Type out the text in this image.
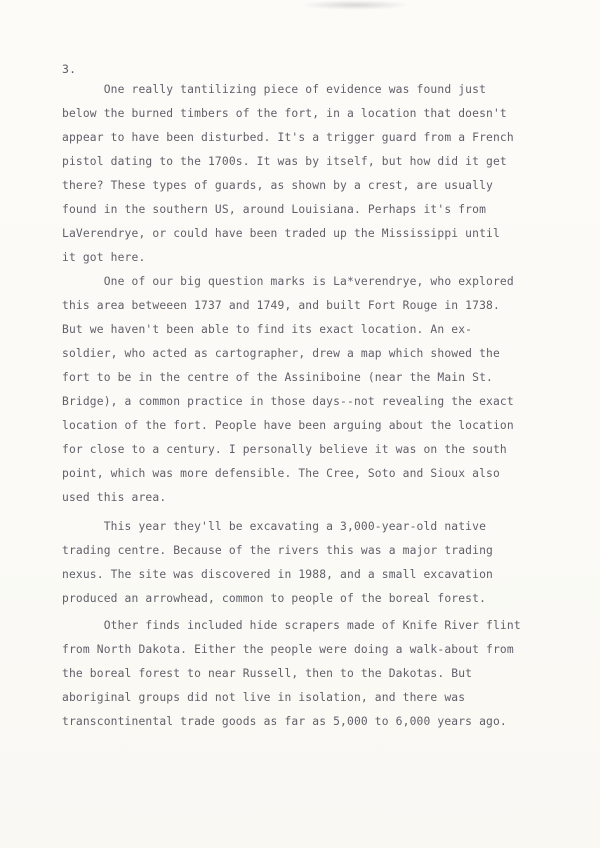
3.
One really tantilizing piece of evidence was found just
below the burned timbers of the fort, in a location that doesn't
appear to have been disturbed. It's a trigger guard from a French
pistol dating to the 1700s. It was by itself, but how did it get
there? These types of guards, as shown by a crest, are usually
found in the southern US, around Louisiana. Perhaps it's from
LaVerendrye, or could have been traded up the Mississippi until
it got here.
One of our big question marks is La*verendrye, who explored
this area betweeen 1737 and 1749, and built Fort Rouge in 1738.
But we haven't been able to find its exact location. An ex-
soldier, who acted as cartographer, drew a map which showed the
fort to be in the centre of the Assiniboine (near the Main St.
Bridge), a common practice in those days--not revealing the exact
location of the fort. People have been arguing about the location
for close to a century. I personally believe it was on the south
point, which was more defensible. The Cree, Soto and Sioux also
used this area.
This year they'll be excavating a 3,000-year-old native
trading centre. Because of the rivers this was a major trading
nexus. The site was discovered in 1988, and a small excavation
produced an arrowhead, common to people of the boreal forest.
Other finds included hide scrapers made of Knife River flint
from North Dakota. Either the people were doing a walk-about from
the boreal forest to near Russell, then to the Dakotas. But
aboriginal groups did not live in isolation, and there was
transcontinental trade goods as far as 5,000 to 6,000 years ago.
